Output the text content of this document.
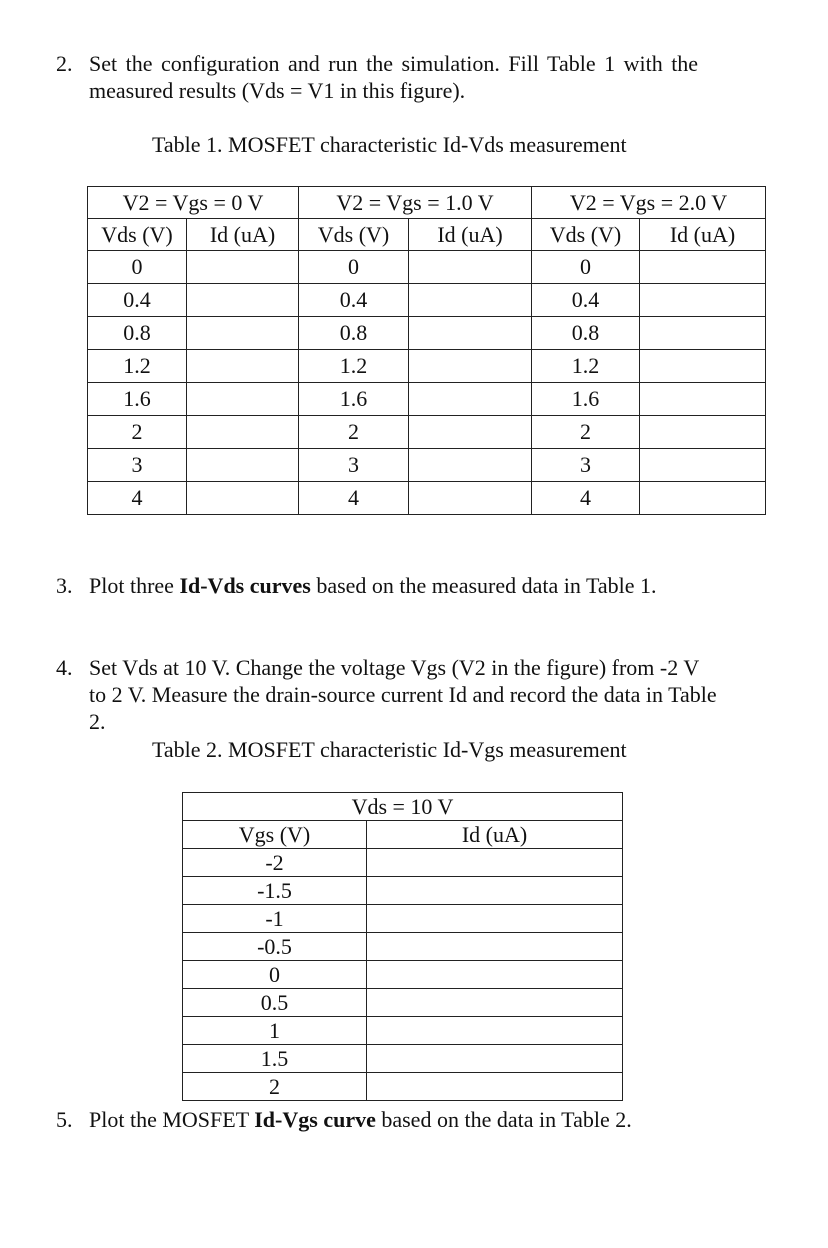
2. Set the configuration and run the simulation. Fill Table 1 with the
measured results (Vds = V1 in this figure).
Table 1. MOSFET characteristic Id-Vds measurement
V2 = Vgs = 0 V		V2 = Vgs = 1.0 V		V2 = Vgs = 2.0 V	
Vds (V)	Id (uA)	Vds (V)	Id (uA)	Vds (V)	Id (uA)
0		0		0	
0.4		0.4		0.4	
0.8		0.8		0.8	
1.2		1.2		1.2	
1.6		1.6		1.6	
2		2		2	
3		3		3	
4		4		4	
3. Plot three Id-Vds curves based on the measured data in Table 1.
4. Set Vds at 10 V. Change the voltage Vgs (V2 in the figure) from -2 V
to 2 V. Measure the drain-source current Id and record the data in Table
2.
Table 2. MOSFET characteristic Id-Vgs measurement
Vds = 10 V	
Vgs (V)	Id (uA)
-2	
-1.5	
-1	
-0.5	
0	
0.5	
1	
1.5	
2	
5. Plot the MOSFET Id-Vgs curve based on the data in Table 2.
